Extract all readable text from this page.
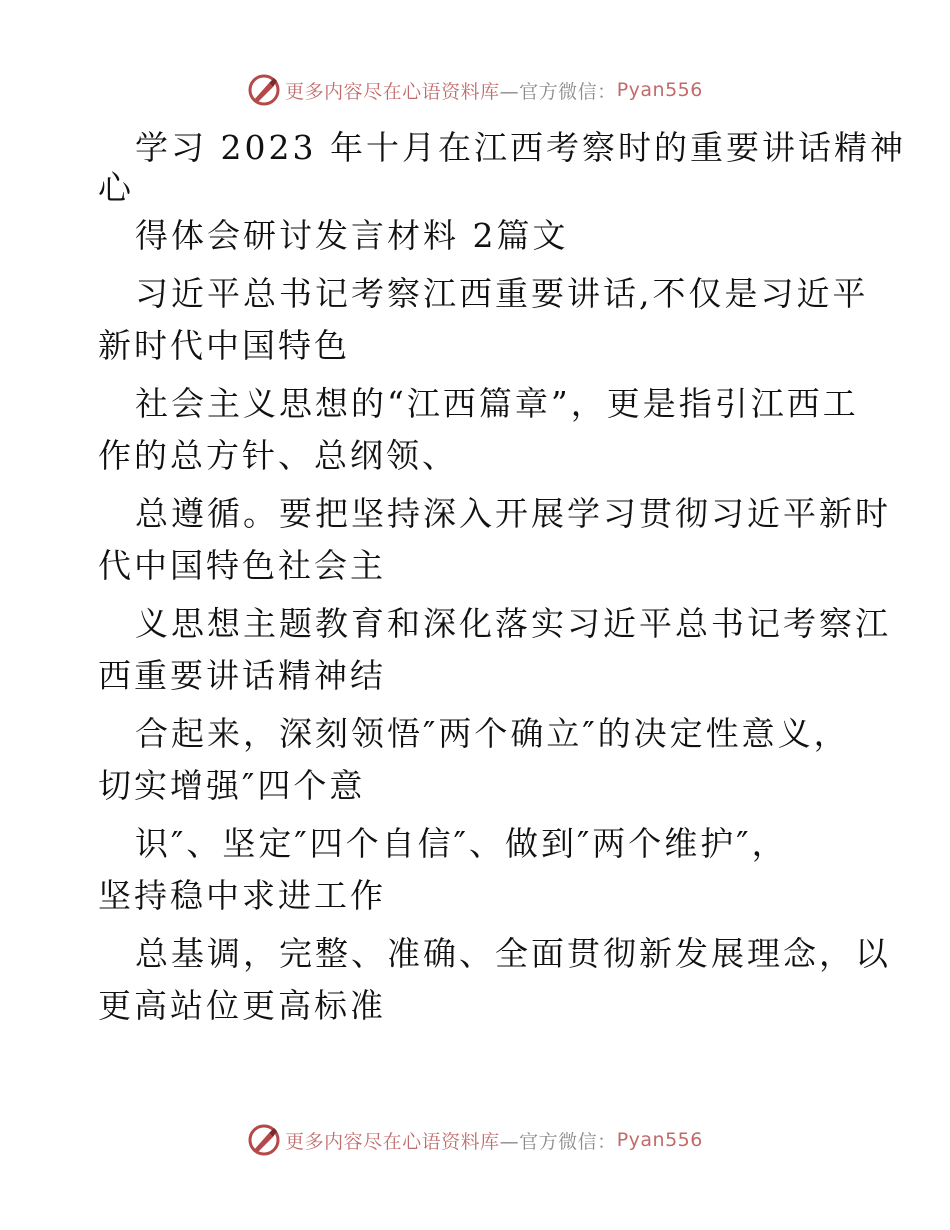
更多内容尽在心语资料库 —官方微信： Pyan556
学习 2023 年十月在江西考察时的重要讲话精神
心
得体会研讨发言材料 2篇文
习近平总书记考察江西重要讲话,不仅是习近平
新时代中国特色
社会主义思想的“江西篇章”，更是指引江西工
作的总方针、总纲领、
总遵循。要把坚持深入开展学习贯彻习近平新时
代中国特色社会主
义思想主题教育和深化落实习近平总书记考察江
西重要讲话精神结
合起来，深刻领悟″两个确立″的决定性意义，
切实增强″四个意
识″、坚定″四个自信″、做到″两个维护″，
坚持稳中求进工作
总基调，完整、准确、全面贯彻新发展理念，以
更高站位更高标准
更多内容尽在心语资料库 —官方微信： Pyan556
